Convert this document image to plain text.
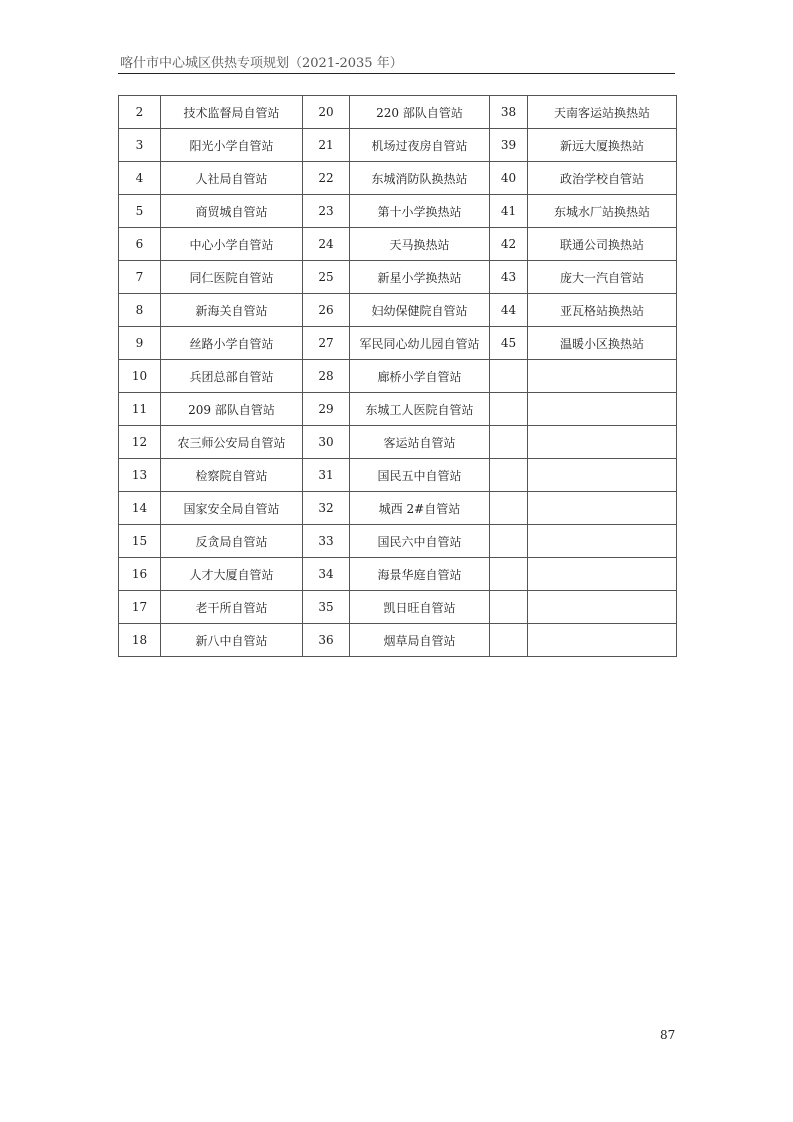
喀什市中心城区供热专项规划（2021-2035 年）
2	技术监督局自管站	20	220 部队自管站	38	天南客运站换热站
3	阳光小学自管站	21	机场过夜房自管站	39	新远大厦换热站
4	人社局自管站	22	东城消防队换热站	40	政治学校自管站
5	商贸城自管站	23	第十小学换热站	41	东城水厂站换热站
6	中心小学自管站	24	天马换热站	42	联通公司换热站
7	同仁医院自管站	25	新星小学换热站	43	庞大一汽自管站
8	新海关自管站	26	妇幼保健院自管站	44	亚瓦格站换热站
9	丝路小学自管站	27	军民同心幼儿园自管站	45	温暖小区换热站
10	兵团总部自管站	28	廊桥小学自管站		
11	209 部队自管站	29	东城工人医院自管站		
12	农三师公安局自管站	30	客运站自管站		
13	检察院自管站	31	国民五中自管站		
14	国家安全局自管站	32	城西 2#自管站		
15	反贪局自管站	33	国民六中自管站		
16	人才大厦自管站	34	海景华庭自管站		
17	老干所自管站	35	凯日旺自管站		
18	新八中自管站	36	烟草局自管站		
87
